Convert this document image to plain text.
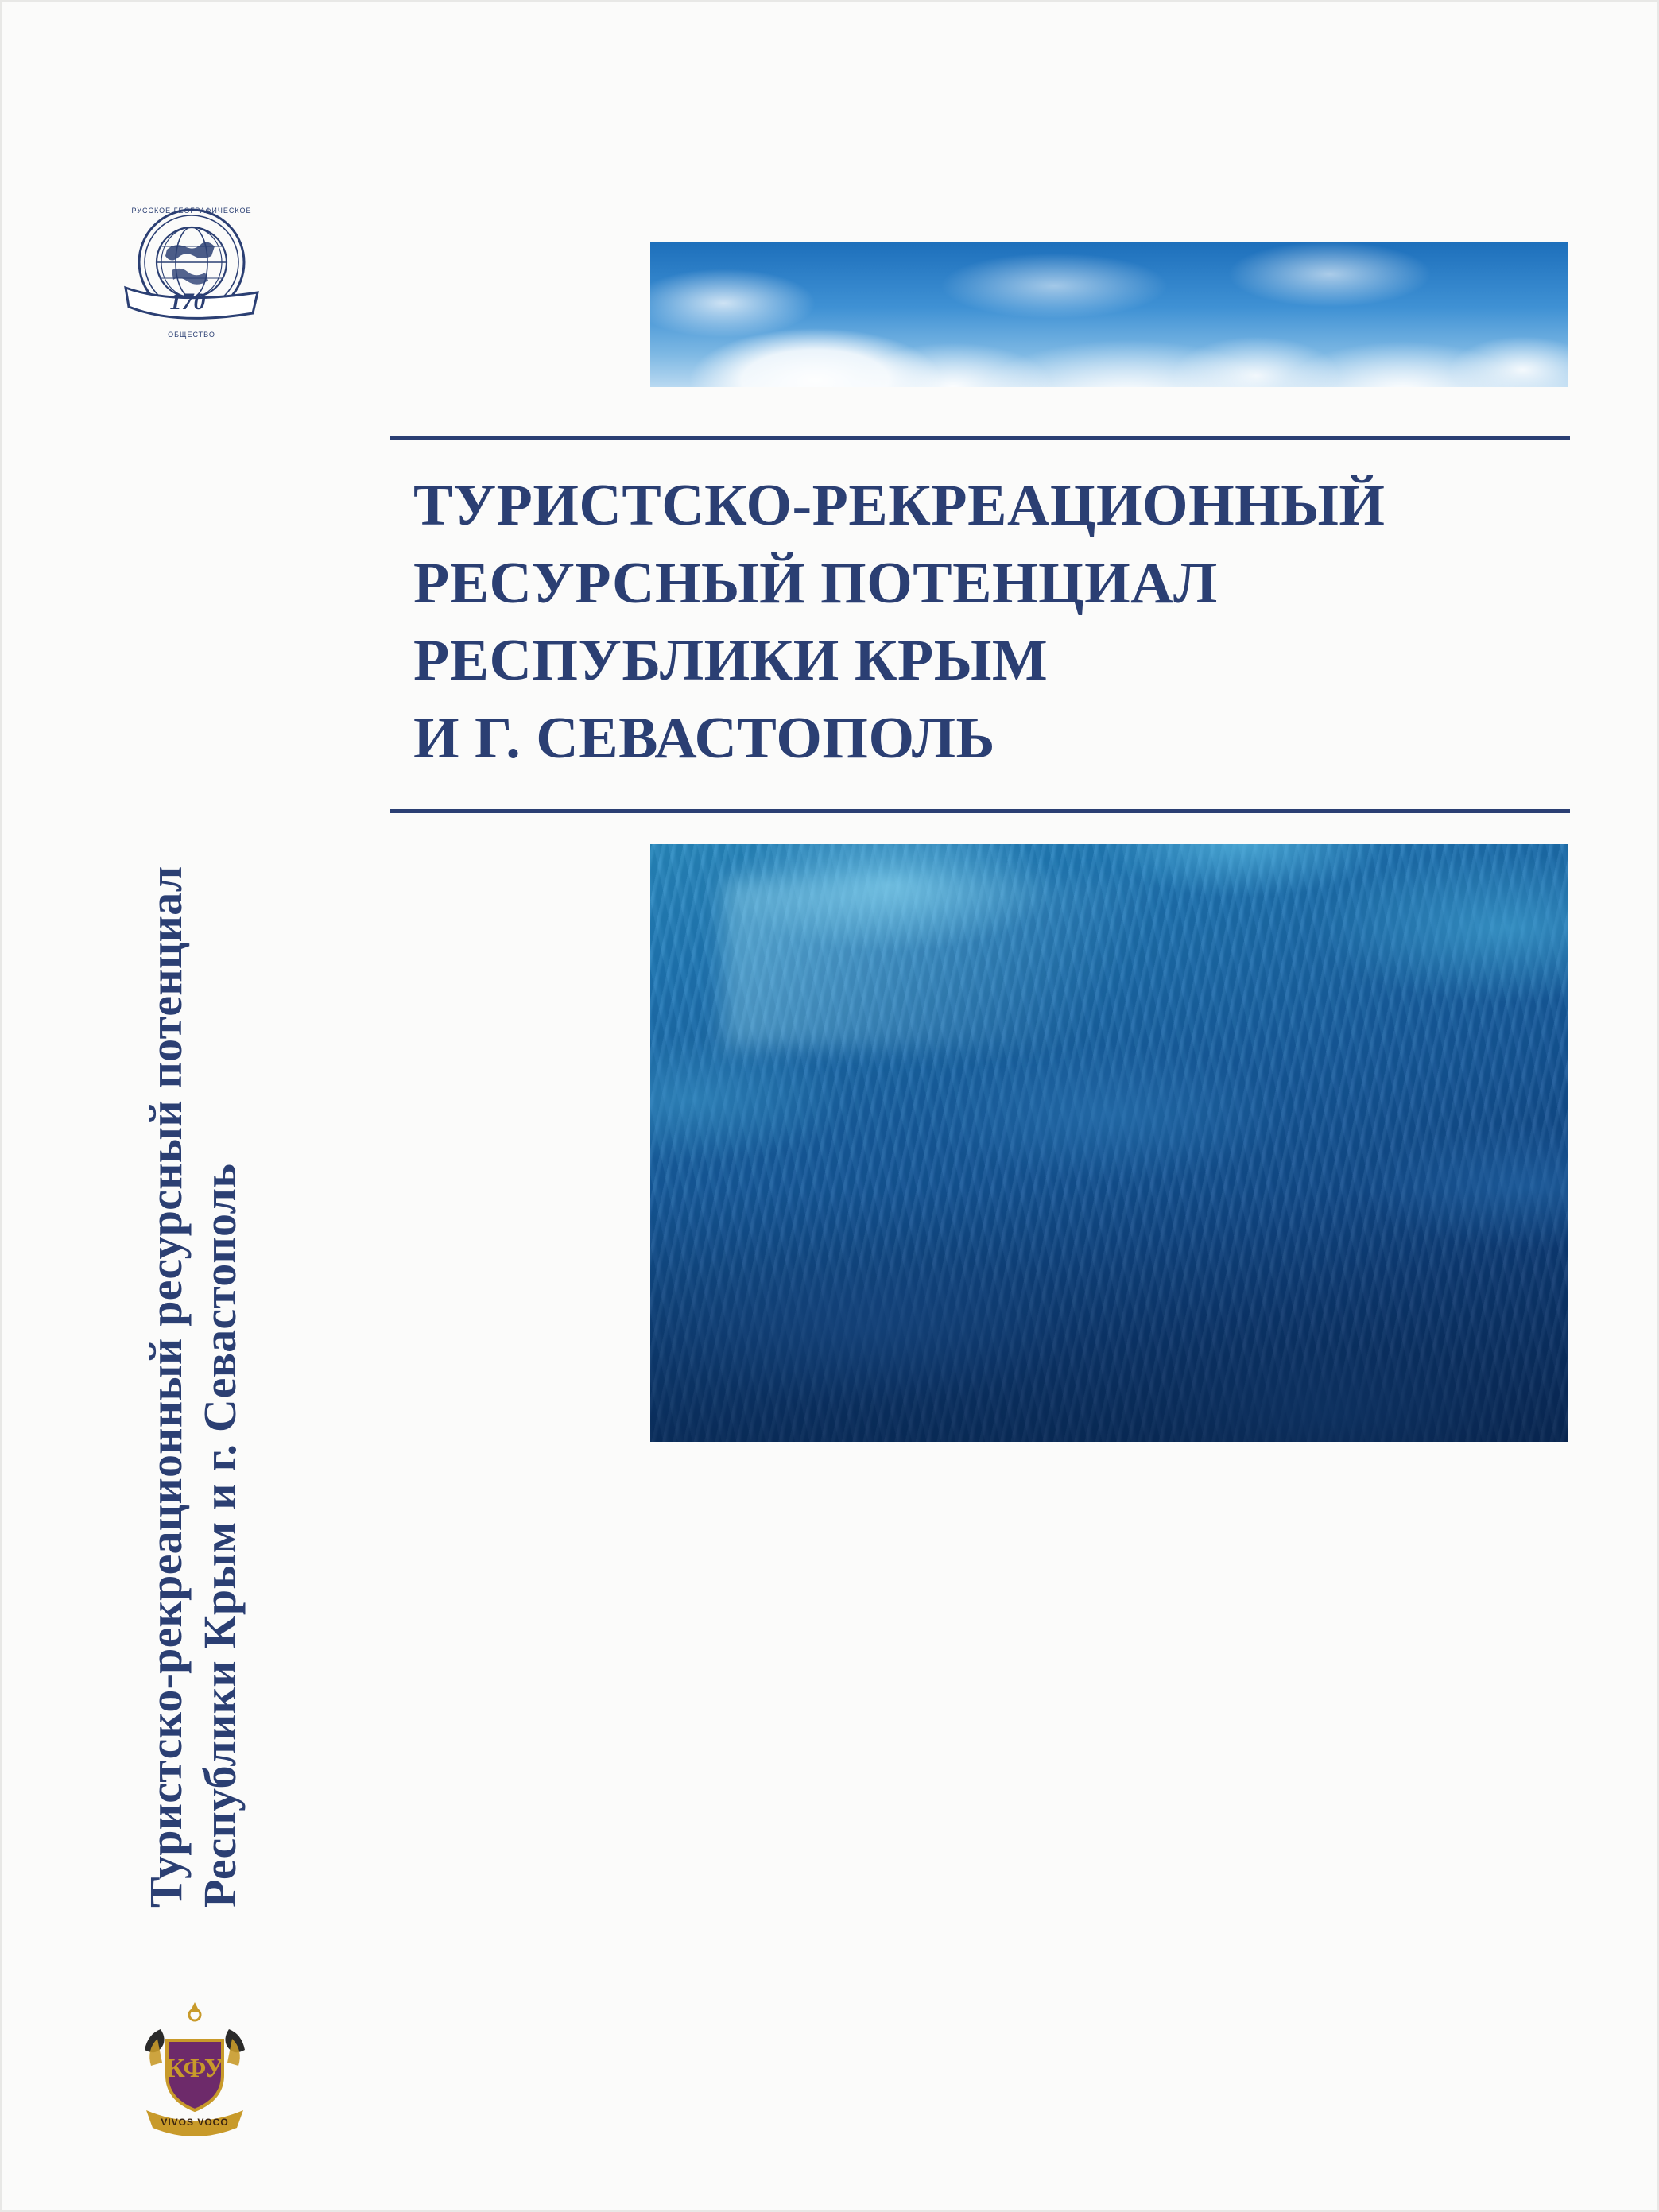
170
РУССКОЕ ГЕОГРАФИЧЕСКОЕ
ОБЩЕСТВО
Туристско-рекреационный ресурсный потенциал Республики Крым и г. Севастополь
ТУРИСТСКО-РЕКРЕАЦИОННЫЙ
РЕСУРСНЫЙ ПОТЕНЦИАЛ
РЕСПУБЛИКИ КРЫМ
И Г. СЕВАСТОПОЛЬ
КФУ
VIVOS VOCO
